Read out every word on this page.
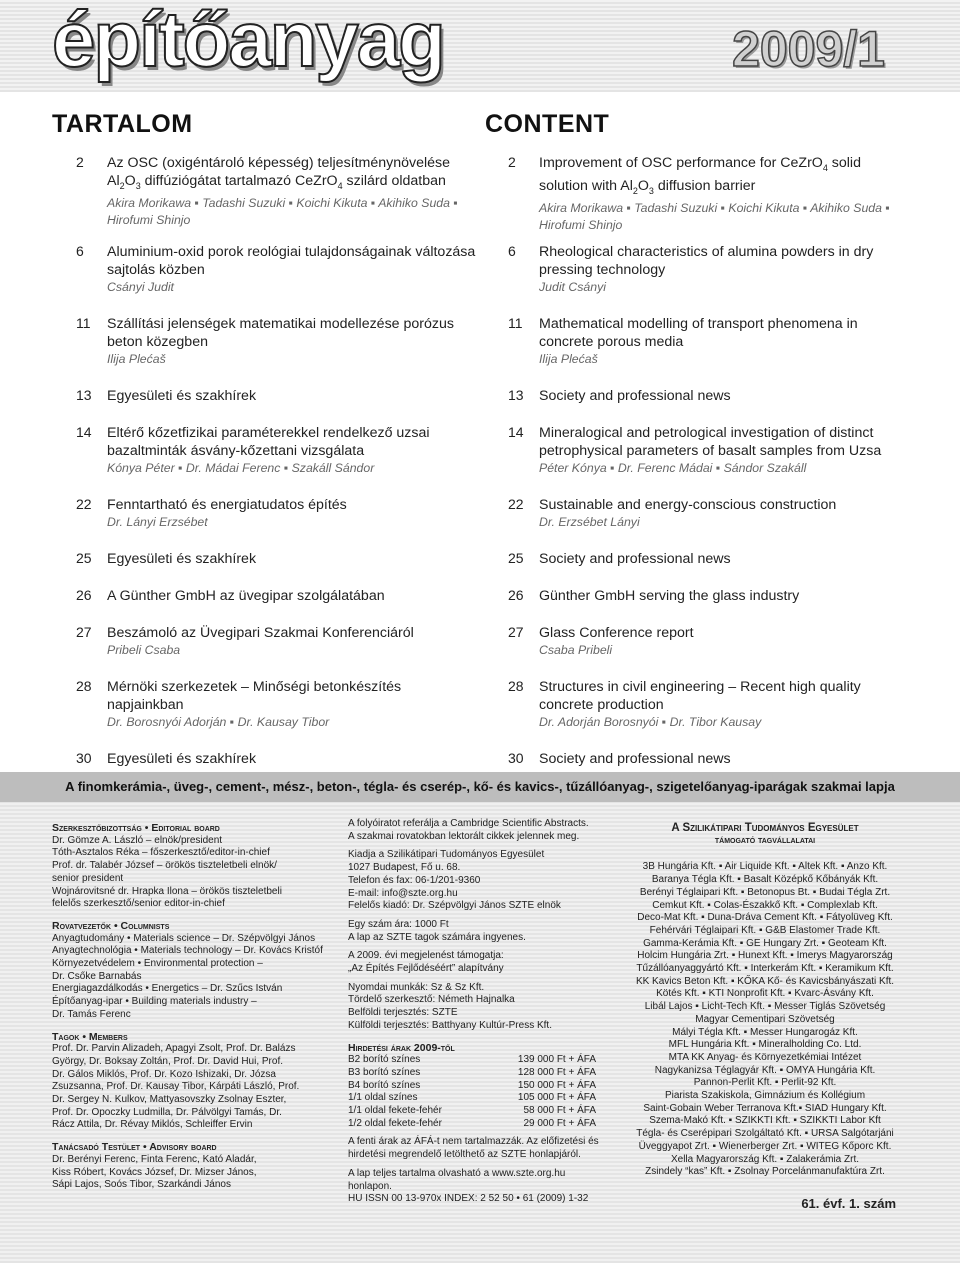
építőanyag	2009/1
TARTALOM	CONTENT
2	Az OSC (oxigéntároló képesség) teljesítménynövelése $Al_2O_3$ diffúziógátat tartalmazó CeZrO$_4$ szilárd oldatban
Akira Morikawa ▪ Tadashi Suzuki ▪ Koichi Kikuta ▪ Akihiko Suda ▪ Hirofumi Shinjo
6	Aluminium-oxid porok reológiai tulajdonságainak változása sajtolás közben
Csányi Judit
11	Szállítási jelenségek matematikai modellezése porózus beton közegben
Ilija Plećaš
13	Egyesületi és szakhírek
14	Eltérő kőzetfizikai paraméterekkel rendelkező uzsai bazaltminták ásvány-kőzettani vizsgálata
Kónya Péter ▪ Dr. Mádai Ferenc ▪ Szakáll Sándor
22	Fenntartható és energiatudatos építés
Dr. Lányi Erzsébet
25	Egyesületi és szakhírek
26	A Günther GmbH az üvegipar szolgálatában
27	Beszámoló az Üvegipari Szakmai Konferenciáról
Pribeli Csaba
28	Mérnöki szerkezetek – Minőségi betonkészítés napjainkban
Dr. Borosnyói Adorján ▪ Dr. Kausay Tibor
30	Egyesületi és szakhírek
2	Improvement of OSC performance for CeZrO$_4$ solid solution with $Al_2O_3$ diffusion barrier
Akira Morikawa ▪ Tadashi Suzuki ▪ Koichi Kikuta ▪ Akihiko Suda ▪ Hirofumi Shinjo
6	Rheological characteristics of alumina powders in dry pressing technology
Judit Csányi
11	Mathematical modelling of transport phenomena in concrete porous media
Ilija Plećaš
13	Society and professional news
14	Mineralogical and petrological investigation of distinct petrophysical parameters of basalt samples from Uzsa
Péter Kónya ▪ Dr. Ferenc Mádai ▪ Sándor Szakáll
22	Sustainable and energy-conscious construction
Dr. Erzsébet Lányi
25	Society and professional news
26	Günther GmbH serving the glass industry
27	Glass Conference report
Csaba Pribeli
28	Structures in civil engineering – Recent high quality concrete production
Dr. Adorján Borosnyói ▪ Dr. Tibor Kausay
30	Society and professional news
A finomkerámia-, üveg-, cement-, mész-, beton-, tégla- és cserép-, kő- és kavics-, tűzállóanyag-, szigetelőanyag-iparágak szakmai lapja

Szerkesztőbizottság • Editorial board

Dr. Gömze A. László – elnök/president

Tóth-Asztalos Réka – főszerkesztő/editor-in-chief

Prof. dr. Talabér József – örökös tiszteletbeli elnök/

senior president

Wojnárovitsné dr. Hrapka Ilona – örökös tiszteletbeli

felelős szerkesztő/senior editor-in-chief

Rovatvezetők • Columnists

Anyagtudomány • Materials science – Dr. Szépvölgyi János

Anyagtechnológia • Materials technology – Dr. Kovács Kristóf

Környezetvédelem • Environmental protection –

Dr. Csőke Barnabás

Energiagazdálkodás • Energetics – Dr. Szűcs István

Építőanyag-ipar • Building materials industry –

Dr. Tamás Ferenc

Tagok • Members

Prof. Dr. Parvin Alizadeh, Apagyi Zsolt, Prof. Dr. Balázs

György, Dr. Boksay Zoltán, Prof. Dr. David Hui, Prof.

Dr. Gálos Miklós, Prof. Dr. Kozo Ishizaki, Dr. Józsa

Zsuzsanna, Prof. Dr. Kausay Tibor, Kárpáti László, Prof.

Dr. Sergey N. Kulkov, Mattyasovszky Zsolnay Eszter,

Prof. Dr. Opoczky Ludmilla, Dr. Pálvölgyi Tamás, Dr.

Rácz Attila, Dr. Révay Miklós, Schleiffer Ervin

Tanácsadó Testület • Advisory board

Dr. Berényi Ferenc, Finta Ferenc, Kató Aladár,

Kiss Róbert, Kovács József, Dr. Mizser János,

Sápi Lajos, Soós Tibor, Szarkándi János

A folyóiratot referálja a Cambridge Scientific Abstracts.

A szakmai rovatokban lektorált cikkek jelennek meg.

Kiadja a Szilikátipari Tudományos Egyesület

1027 Budapest, Fő u. 68.

Telefon és fax: 06-1/201-9360

E-mail: info@szte.org.hu

Felelős kiadó: Dr. Szépvölgyi János SZTE elnök

Egy szám ára: 1000 Ft

A lap az SZTE tagok számára ingyenes.

A 2009. évi megjelenést támogatja:

„Az Építés Fejlődéséért” alapítvány

Nyomdai munkák: Sz & Sz Kft.

Tördelő szerkesztő: Németh Hajnalka

Belföldi terjesztés: SZTE

Külföldi terjesztés: Batthyany Kultúr-Press Kft.

Hirdetési árak 2009-től

B2 borító színes	139 000 Ft + ÁFA
B3 borító színes	128 000 Ft + ÁFA
B4 borító színes	150 000 Ft + ÁFA
1/1 oldal színes	105 000 Ft + ÁFA
1/1 oldal fekete-fehér	58 000 Ft + ÁFA
1/2 oldal fekete-fehér	29 000 Ft + ÁFA

A fenti árak az ÁFÁ-t nem tartalmazzák. Az előfizetési és

hirdetési megrendelő letölthető az SZTE honlapjáról.

A lap teljes tartalma olvasható a www.szte.org.hu honlapon.

HU ISSN 00 13-970x INDEX: 2 52 50 • 61 (2009) 1-32

A Szilikátipari Tudományos Egyesület

támogató tagvállalatai

3B Hungária Kft. ▪ Air Liquide Kft. ▪ Altek Kft. ▪ Anzo Kft.

Baranya Tégla Kft. ▪ Basalt Középkő Kőbányák Kft.

Berényi Téglaipari Kft. ▪ Betonopus Bt. ▪ Budai Tégla Zrt.

Cemkut Kft. ▪ Colas-Északkő Kft. ▪ Complexlab Kft.

Deco-Mat Kft. ▪ Duna-Dráva Cement Kft. ▪ Fátyolüveg Kft.

Fehérvári Téglaipari Kft. ▪ G&B Elastomer Trade Kft.

Gamma-Kerámia Kft. ▪ GE Hungary Zrt. ▪ Geoteam Kft.

Holcim Hungária Zrt. ▪ Hunext Kft. ▪ Imerys Magyarország

Tűzállóanyaggyártó Kft. ▪ Interkerám Kft. ▪ Keramikum Kft.

KK Kavics Beton Kft. ▪ KŐKA Kő- és Kavicsbányászati Kft.

Kötés Kft. ▪ KTI Nonprofit Kft. ▪ Kvarc-Ásvány Kft.

Libál Lajos ▪ Licht-Tech Kft. ▪ Messer Tiglás Szövetség

Magyar Cementipari Szövetség

Mályi Tégla Kft. ▪ Messer Hungarogáz Kft.

MFL Hungária Kft. ▪ Mineralholding Co. Ltd.

MTA KK Anyag- és Környezetkémiai Intézet

Nagykanizsa Téglagyár Kft. ▪ OMYA Hungária Kft.

Pannon-Perlit Kft. ▪ Perlit-92 Kft.

Piarista Szakiskola, Gimnázium és Kollégium

Saint-Gobain Weber Terranova Kft.▪ SIAD Hungary Kft.

Szema-Makó Kft. ▪ SZIKKTI Kft. ▪ SZIKKTI Labor Kft

Tégla- és Cserépipari Szolgáltató Kft. ▪ URSA Salgótarjáni

Üveggyapot Zrt. ▪ Wienerberger Zrt. ▪ WITEG Kőporc Kft.

Xella Magyarország Kft. ▪ Zalakerámia Zrt.

Zsindely “kas” Kft. ▪ Zsolnay Porcelánmanufaktúra Zrt.

61. évf. 1. szám
